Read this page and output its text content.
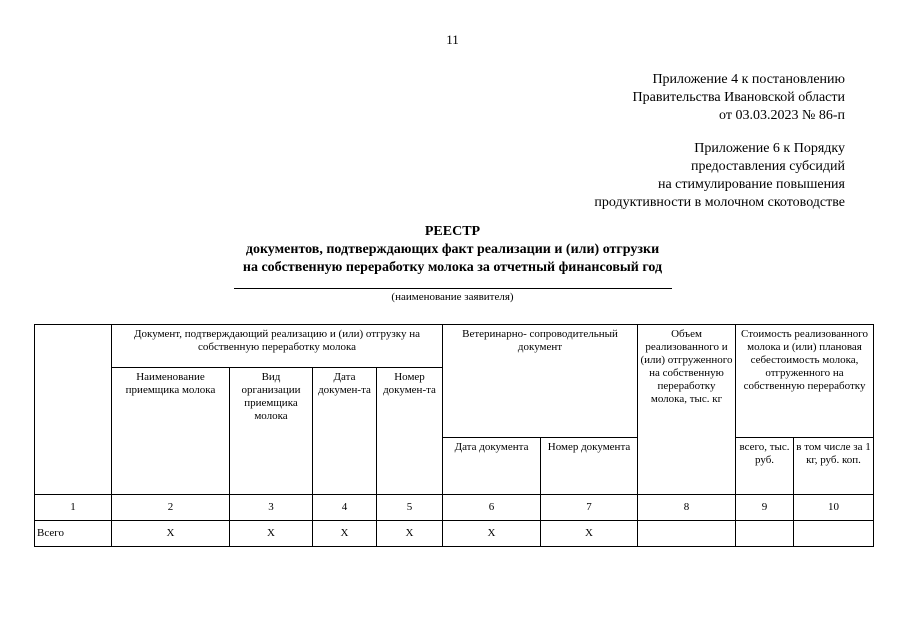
11
Приложение 4 к постановлению
Правительства Ивановской области
от 03.03.2023 № 86-п
Приложение 6 к Порядку
предоставления субсидий
на стимулирование повышения
продуктивности в молочном скотоводстве
РЕЕСТР
документов, подтверждающих факт реализации и (или) отгрузки
на собственную переработку молока за отчетный финансовый год
(наименование заявителя)
	Документ, подтверждающий реализацию и (или) отгрузку на собственную переработку молока				Ветеринарно- сопроводительный документ		Объем реализованного и (или) отгруженного на собственную переработку молока, тыс. кг	Стоимость реализованного молока и (или) плановая себестоимость молока, отгруженного на собственную переработку	
	Наименование приемщика молока	Вид организации приемщика молока	Дата докумен-та	Номер докумен-та					
					Дата документа	Номер документа		всего, тыс. руб.	в том числе за 1 кг, руб. коп.
1	2	3	4	5	6	7	8	9	10
Всего	X	X	X	X	X	X			
